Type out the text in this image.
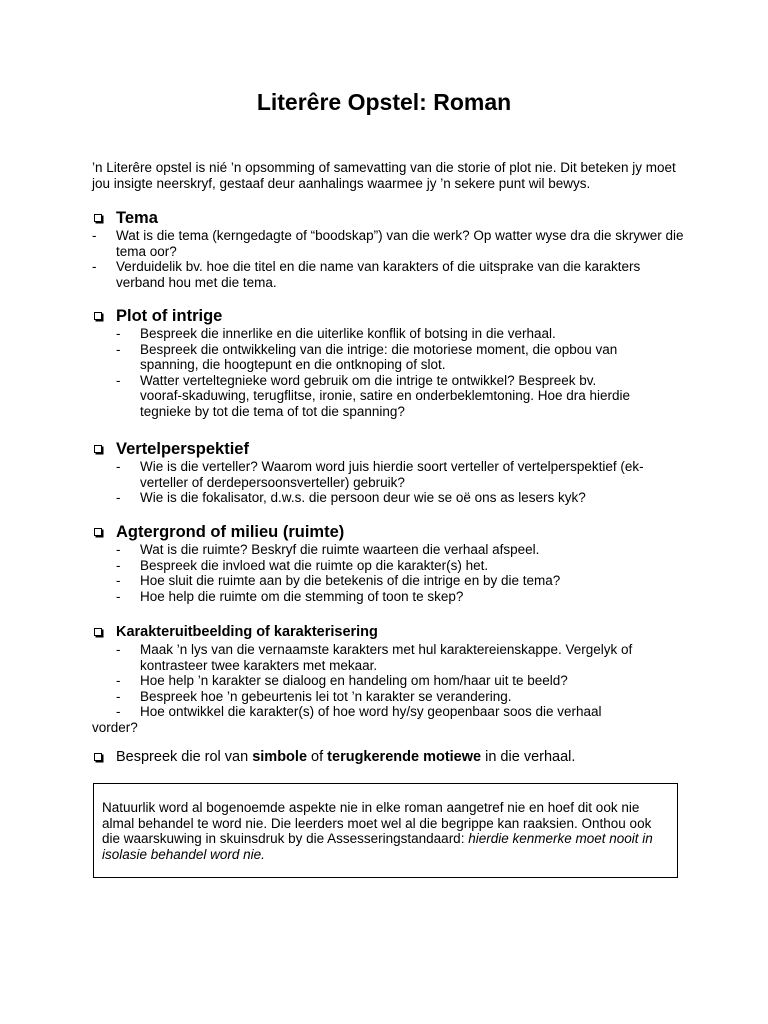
Literêre Opstel: Roman

’n Literêre opstel is nié ’n opsomming of samevatting van die storie of plot nie. Dit beteken jy moet jou insigte neerskryf, gestaaf deur aanhalings waarmee jy ’n sekere punt wil bewys.

Tema
- Wat is die tema (kerngedagte of “boodskap”) van die werk? Op watter wyse dra die skrywer die tema oor?
- Verduidelik bv. hoe die titel en die name van karakters of die uitsprake van die karakters verband hou met die tema.
Plot of intrige
- Bespreek die innerlike en die uiterlike konflik of botsing in die verhaal.
- Bespreek die ontwikkeling van die intrige: die motoriese moment, die opbou van spanning, die hoogtepunt en die ontknoping of slot.
- Watter verteltegnieke word gebruik om die intrige te ontwikkel? Bespreek bv. vooraf-skaduwing, terugflitse, ironie, satire en onderbeklemtoning. Hoe dra hierdie tegnieke by tot die tema of tot die spanning?
Vertelperspektief
- Wie is die verteller? Waarom word juis hierdie soort verteller of vertelperspektief (ek-verteller of derdepersoonsverteller) gebruik?
- Wie is die fokalisator, d.w.s. die persoon deur wie se oë ons as lesers kyk?
Agtergrond of milieu (ruimte)
- Wat is die ruimte? Beskryf die ruimte waarteen die verhaal afspeel.
- Bespreek die invloed wat die ruimte op die karakter(s) het.
- Hoe sluit die ruimte aan by die betekenis of die intrige en by die tema?
- Hoe help die ruimte om die stemming of toon te skep?
Karakteruitbeelding of karakterisering
- Maak ’n lys van die vernaamste karakters met hul karaktereienskappe. Vergelyk of kontrasteer twee karakters met mekaar.
- Hoe help ’n karakter se dialoog en handeling om hom/haar uit te beeld?
- Bespreek hoe ’n gebeurtenis lei tot ’n karakter se verandering.
- Hoe ontwikkel die karakter(s) of hoe word hy/sy geopenbaar soos die verhaal
vorder?
Bespreek die rol van simbole of terugkerende motiewe in die verhaal.
Natuurlik word al bogenoemde aspekte nie in elke roman aangetref nie en hoef dit ook nie almal behandel te word nie. Die leerders moet wel al die begrippe kan raaksien. Onthou ook die waarskuwing in skuinsdruk by die Assesseringstandaard: hierdie kenmerke moet nooit in isolasie behandel word nie.
